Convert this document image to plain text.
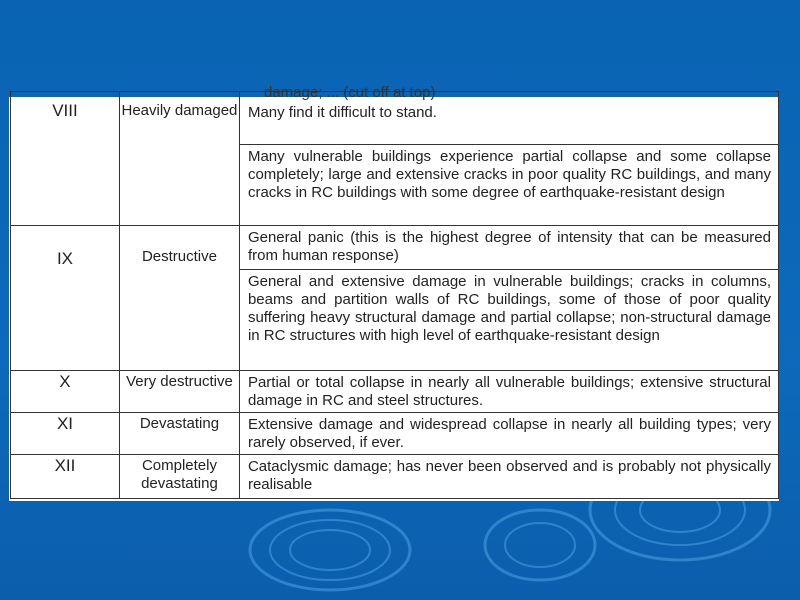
VIII	Heavily damaged	Many find it difficult to stand.
		Many vulnerable buildings experience partial collapse and some collapse completely; large and extensive cracks in poor quality RC buildings, and many cracks in RC buildings with some degree of earthquake-resistant design
IX	Destructive	General panic (this is the highest degree of intensity that can be measured from human response)
		General and extensive damage in vulnerable buildings; cracks in columns, beams and partition walls of RC buildings, some of those of poor quality suffering heavy structural damage and partial collapse; non-structural damage in RC structures with high level of earthquake-resistant design
X	Very destructive	Partial or total collapse in nearly all vulnerable buildings; extensive structural damage in RC and steel structures.
XI	Devastating	Extensive damage and widespread collapse in nearly all building types; very rarely observed, if ever.
XII	Completely devastating	Cataclysmic damage; has never been observed and is probably not physically realisable
damage; ... (cut off at top)
